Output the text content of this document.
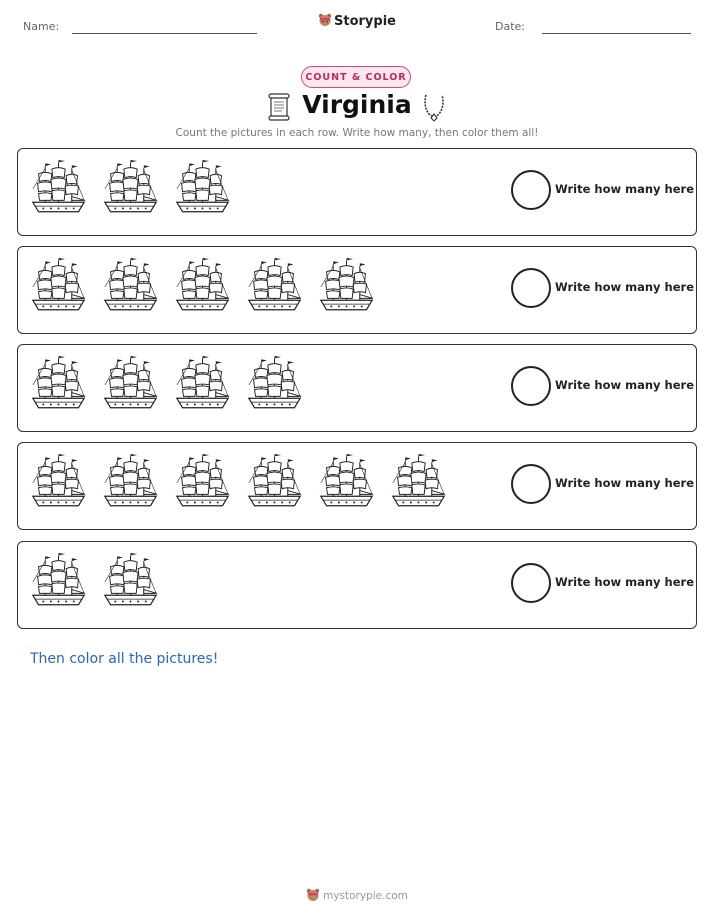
Name:	Date:
Storypie
COUNT & COLOR
Virginia
Count the pictures in each row. Write how many, then color them all!
Write how many here
Write how many here
Write how many here
Write how many here
Write how many here
Then color all the pictures!
mystorypie.com
